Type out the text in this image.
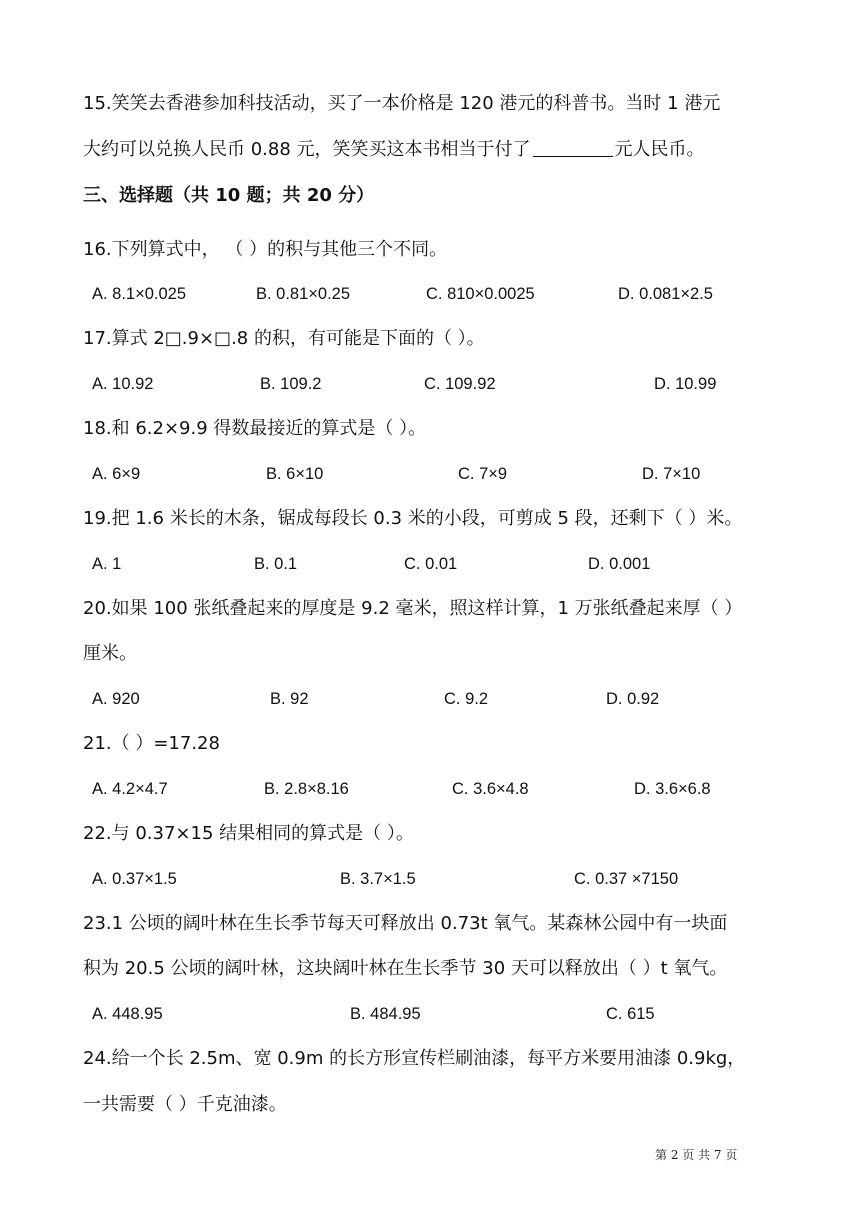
15.笑笑去香港参加科技活动，买了一本价格是 120 港元的科普书。当时 1 港元
大约可以兑换人民币 0.88 元，笑笑买这本书相当于付了	元人民币。
三、选择题（共 10 题；共 20 分）
16.下列算式中， （ ）的积与其他三个不同。
A. 8.1×0.025	B. 0.81×0.25	C. 810×0.0025	D. 0.081×2.5
17.算式 2□.9×□.8 的积，有可能是下面的（ ）。
A. 10.92	B. 109.2	C. 109.92	D. 10.99
18.和 6.2×9.9 得数最接近的算式是（ ）。
A. 6×9	B. 6×10	C. 7×9	D. 7×10
19.把 1.6 米长的木条，锯成每段长 0.3 米的小段，可剪成 5 段，还剩下（ ）米。
A. 1	B. 0.1	C. 0.01	D. 0.001
20.如果 100 张纸叠起来的厚度是 9.2 毫米，照这样计算，1 万张纸叠起来厚（ ）
厘米。
A. 920	B. 92	C. 9.2	D. 0.92
21.（ ）=17.28
A. 4.2×4.7	B. 2.8×8.16	C. 3.6×4.8	D. 3.6×6.8
22.与 0.37×15 结果相同的算式是（ ）。
A. 0.37×1.5	B. 3.7×1.5	C. 0.37 ×7150
23.1 公顷的阔叶林在生长季节每天可释放出 0.73t 氧气。某森林公园中有一块面
积为 20.5 公顷的阔叶林，这块阔叶林在生长季节 30 天可以释放出（ ）t 氧气。
A. 448.95	B. 484.95	C. 615
24.给一个长 2.5m、宽 0.9m 的长方形宣传栏刷油漆，每平方米要用油漆 0.9kg，
一共需要（ ）千克油漆。
第 2 页 共 7 页
